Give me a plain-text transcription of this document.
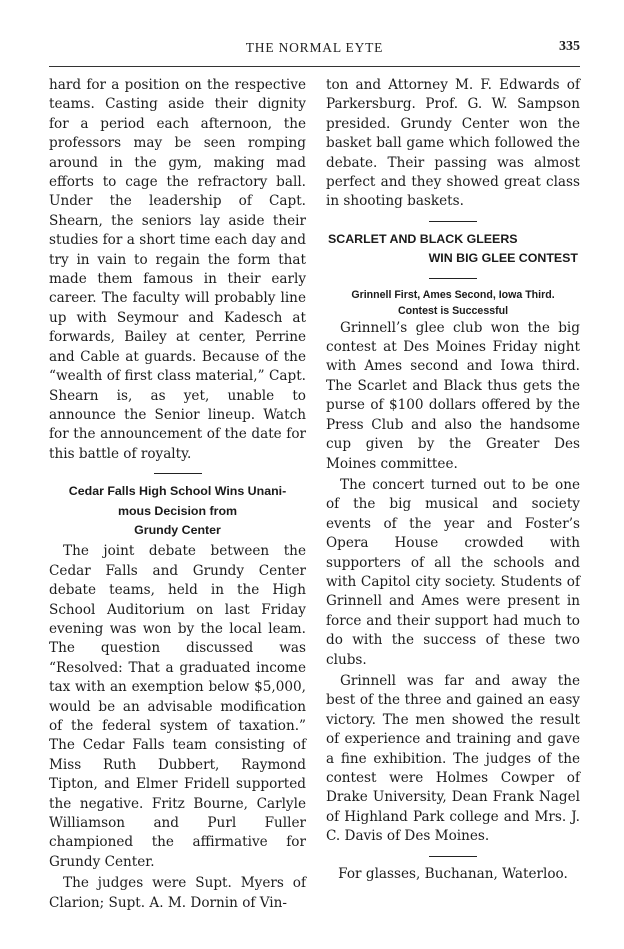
THE NORMAL EYTE	335

hard for a position on the respective teams. Casting aside their dignity for a period each afternoon, the professors may be seen romping around in the gym, making mad efforts to cage the refractory ball. Under the leadership of Capt. Shearn, the seniors lay aside their studies for a short time each day and try in vain to regain the form that made them famous in their early career. The faculty will probably line up with Seymour and Kadesch at forwards, Bailey at center, Perrine and Cable at guards. Because of the “wealth of first class material,” Capt. Shearn is, as yet, unable to announce the Senior lineup. Watch for the announcement of the date for this battle of royalty.

Cedar Falls High School Wins Unani-

mous Decision from

Grundy Center

The joint debate between the Cedar Falls and Grundy Center debate teams, held in the High School Auditorium on last Friday evening was won by the local leam. The question discussed was “Resolved: That a graduated income tax with an exemption below $5,000, would be an advisable modification of the federal system of taxation.” The Cedar Falls team consisting of Miss Ruth Dubbert, Raymond Tipton, and Elmer Fridell supported the negative. Fritz Bourne, Carlyle Williamson and Purl Fuller championed the affirmative for Grundy Center.

The judges were Supt. Myers of Clarion; Supt. A. M. Dornin of Vin-

ton and Attorney M. F. Edwards of Parkersburg. Prof. G. W. Sampson presided. Grundy Center won the basket ball game which followed the debate. Their passing was almost perfect and they showed great class in shooting baskets.

SCARLET AND BLACK GLEERS

WIN BIG GLEE CONTEST

Grinnell First, Ames Second, Iowa Third.

Contest is Successful

Grinnell’s glee club won the big contest at Des Moines Friday night with Ames second and Iowa third. The Scarlet and Black thus gets the purse of $100 dollars offered by the Press Club and also the handsome cup given by the Greater Des Moines committee.

The concert turned out to be one of the big musical and society events of the year and Foster’s Opera House crowded with supporters of all the schools and with Capitol city society. Students of Grinnell and Ames were present in force and their support had much to do with the success of these two clubs.

Grinnell was far and away the best of the three and gained an easy victory. The men showed the result of experience and training and gave a fine exhibition. The judges of the contest were Holmes Cowper of Drake University, Dean Frank Nagel of Highland Park college and Mrs. J. C. Davis of Des Moines.

For glasses, Buchanan, Waterloo.
